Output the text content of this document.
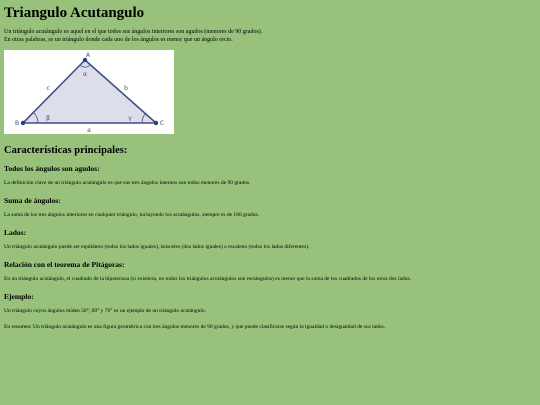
Triangulo Acutangulo
Un triángulo acutángulo es aquel en el que todos sus ángulos interiores son agudos (menores de 90 grados).
En otras palabras, es un triángulo donde cada uno de los ángulos es menor que un ángulo recto.
A
B	C
c	b
a
α
β	γ
Características principales:
Todos los ángulos son agudos:

La definición clave de un triángulo acutángulo es que sus tres ángulos internos son todos menores de 90 grados.

Suma de ángulos:

La suma de los tres ángulos interiores en cualquier triángulo, incluyendo los acutángulos, siempre es de 180 grados.

Lados:

Un triángulo acutángulo puede ser equilátero (todos los lados iguales), isósceles (dos lados iguales) o escaleno (todos los lados diferentes).

Relación con el teorema de Pitágoras:

En un triángulo acutángulo, el cuadrado de la hipotenusa (si existiera, no todos los triángulos acutángulos son rectángulos) es menor que la suma de los cuadrados de los otros dos lados.

Ejemplo:

Un triángulo cuyos ángulos miden 50°, 60° y 70° es un ejemplo de un triángulo acutángulo.

En resumen: Un triángulo acutángulo es una figura geométrica con tres ángulos menores de 90 grados, y que puede clasificarse según la igualdad o desigualdad de sus lados.
